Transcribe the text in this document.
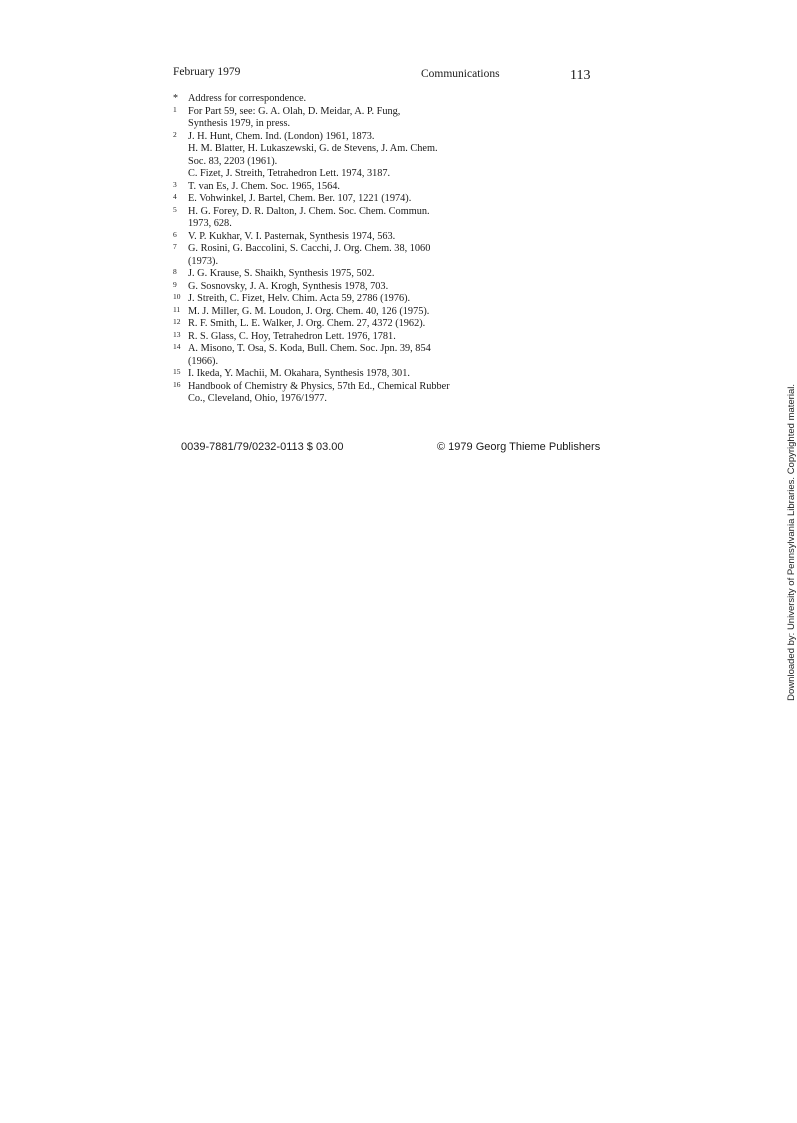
February 1979	Communications	113
* Address for correspondence.
1	For Part 59, see: G. A. Olah, D. Meidar, A. P. Fung,
Synthesis 1979, in press.
2	J. H. Hunt, Chem. Ind. (London) 1961, 1873.
H. M. Blatter, H. Lukaszewski, G. de Stevens, J. Am. Chem.
Soc. 83, 2203 (1961).
C. Fizet, J. Streith, Tetrahedron Lett. 1974, 3187.
3	T. van Es, J. Chem. Soc. 1965, 1564.
4	E. Vohwinkel, J. Bartel, Chem. Ber. 107, 1221 (1974).
5	H. G. Forey, D. R. Dalton, J. Chem. Soc. Chem. Commun.
1973, 628.
6	V. P. Kukhar, V. I. Pasternak, Synthesis 1974, 563.
7	G. Rosini, G. Baccolini, S. Cacchi, J. Org. Chem. 38, 1060
(1973).
8	J. G. Krause, S. Shaikh, Synthesis 1975, 502.
9	G. Sosnovsky, J. A. Krogh, Synthesis 1978, 703.
10 J. Streith, C. Fizet, Helv. Chim. Acta 59, 2786 (1976).
11 M. J. Miller, G. M. Loudon, J. Org. Chem. 40, 126 (1975).
12 R. F. Smith, L. E. Walker, J. Org. Chem. 27, 4372 (1962).
13 R. S. Glass, C. Hoy, Tetrahedron Lett. 1976, 1781.
14 A. Misono, T. Osa, S. Koda, Bull. Chem. Soc. Jpn. 39, 854
(1966).
15 I. Ikeda, Y. Machii, M. Okahara, Synthesis 1978, 301.
16 Handbook of Chemistry & Physics, 57th Ed., Chemical Rubber
Co., Cleveland, Ohio, 1976/1977.
0039-7881/79/0232-0113 $ 03.00	© 1979 Georg Thieme Publishers	Downloaded by: University of Pennsylvania Libraries. Copyrighted material.
